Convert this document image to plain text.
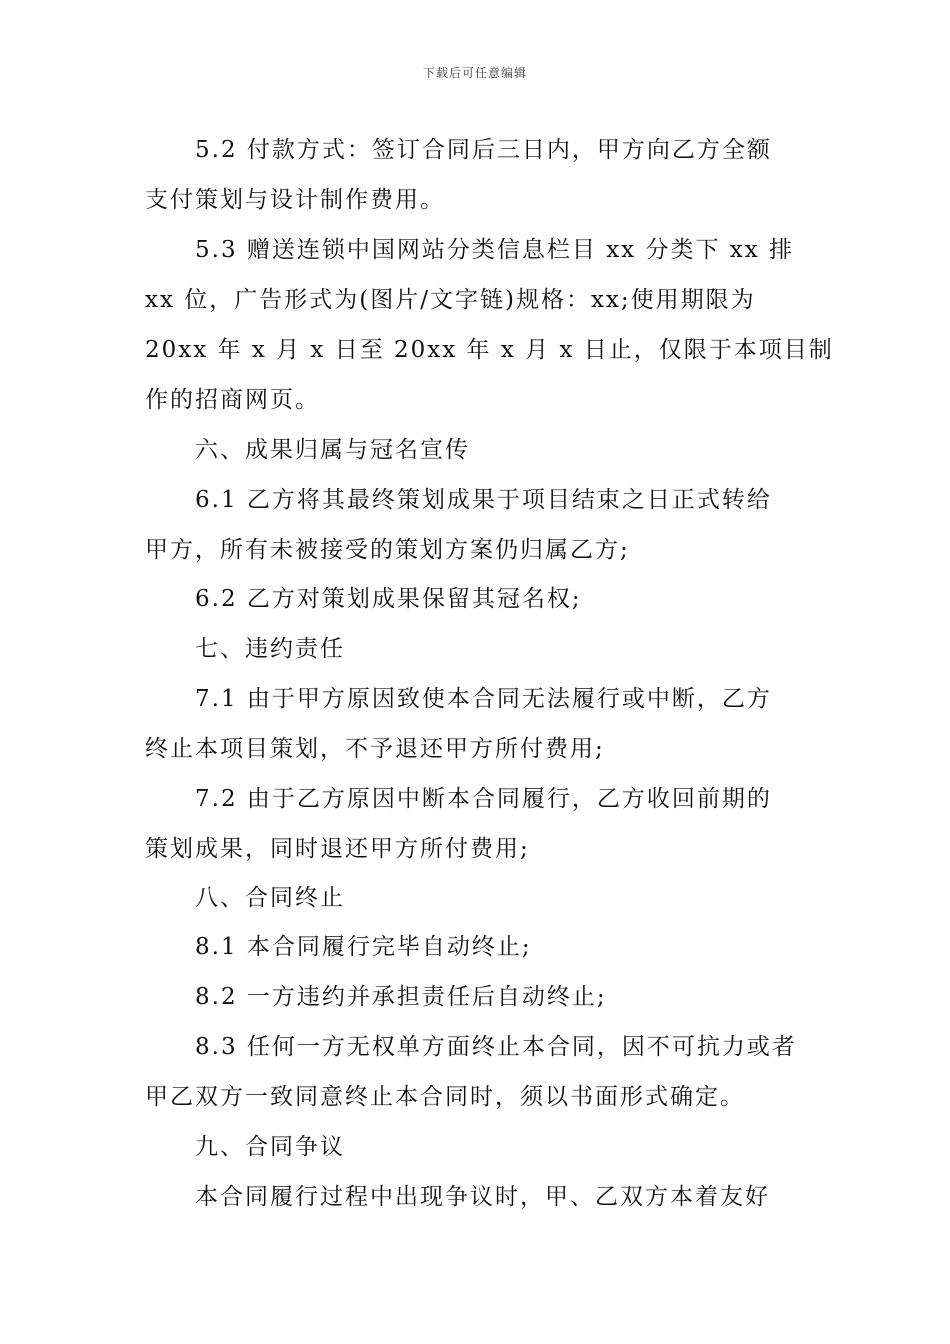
下载后可任意编辑
5.2 付款方式：签订合同后三日内，甲方向乙方全额
支付策划与设计制作费用。
5.3 赠送连锁中国网站分类信息栏目 xx 分类下 xx 排
xx 位，广告形式为(图片/文字链)规格：xx;使用期限为
20xx 年 x 月 x 日至 20xx 年 x 月 x 日止，仅限于本项目制
作的招商网页。
六、成果归属与冠名宣传
6.1 乙方将其最终策划成果于项目结束之日正式转给
甲方，所有未被接受的策划方案仍归属乙方;
6.2 乙方对策划成果保留其冠名权;
七、违约责任
7.1 由于甲方原因致使本合同无法履行或中断，乙方
终止本项目策划，不予退还甲方所付费用;
7.2 由于乙方原因中断本合同履行，乙方收回前期的
策划成果，同时退还甲方所付费用;
八、合同终止
8.1 本合同履行完毕自动终止;
8.2 一方违约并承担责任后自动终止;
8.3 任何一方无权单方面终止本合同，因不可抗力或者
甲乙双方一致同意终止本合同时，须以书面形式确定。
九、合同争议
本合同履行过程中出现争议时，甲、乙双方本着友好
